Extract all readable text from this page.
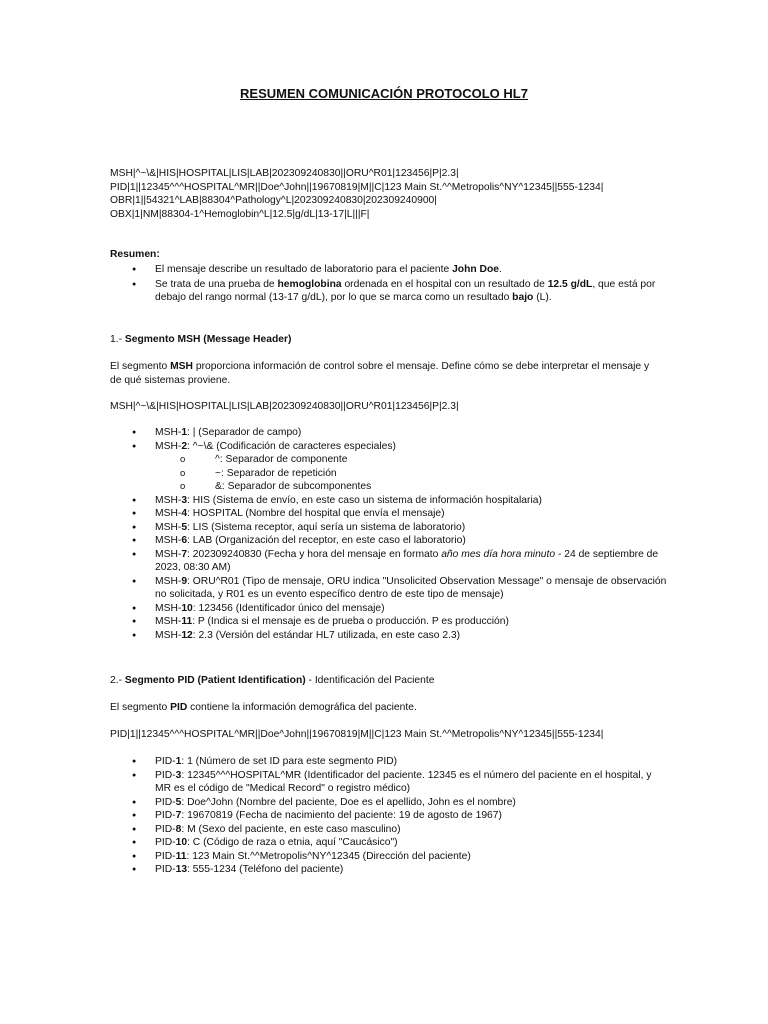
RESUMEN COMUNICACIÓN PROTOCOLO HL7
MSH|^~\&|HIS|HOSPITAL|LIS|LAB|202309240830||ORU^R01|123456|P|2.3|
PID|1||12345^^^HOSPITAL^MR||Doe^John||19670819|M||C|123 Main St.^^Metropolis^NY^12345||555-1234|
OBR|1||54321^LAB|88304^Pathology^L|202309240830|202309240900|
OBX|1|NM|88304-1^Hemoglobin^L|12.5|g/dL|13-17|L|||F|
Resumen:
●
El mensaje describe un resultado de laboratorio para el paciente John Doe.
●
Se trata de una prueba de hemoglobina ordenada en el hospital con un resultado de 12.5 g/dL, que está por debajo del rango normal (13-17 g/dL), por lo que se marca como un resultado bajo (L).
1.- Segmento MSH (Message Header)
El segmento MSH proporciona información de control sobre el mensaje. Define cómo se debe interpretar el mensaje y de qué sistemas proviene.
MSH|^~\&|HIS|HOSPITAL|LIS|LAB|202309240830||ORU^R01|123456|P|2.3|
●
MSH-1: | (Separador de campo)
●
MSH-2: ^~\& (Codificación de caracteres especiales)
o ^: Separador de componente
o ~: Separador de repetición
o &: Separador de subcomponentes
●
MSH-3: HIS (Sistema de envío, en este caso un sistema de información hospitalaria)
●
MSH-4: HOSPITAL (Nombre del hospital que envía el mensaje)
●
MSH-5: LIS (Sistema receptor, aquí sería un sistema de laboratorio)
●
MSH-6: LAB (Organización del receptor, en este caso el laboratorio)
●
MSH-7: 202309240830 (Fecha y hora del mensaje en formato año mes día hora minuto - 24 de septiembre de 2023, 08:30 AM)
●
MSH-9: ORU^R01 (Tipo de mensaje, ORU indica "Unsolicited Observation Message" o mensaje de observación no solicitada, y R01 es un evento específico dentro de este tipo de mensaje)
●
MSH-10: 123456 (Identificador único del mensaje)
●
MSH-11: P (Indica si el mensaje es de prueba o producción. P es producción)
●
MSH-12: 2.3 (Versión del estándar HL7 utilizada, en este caso 2.3)
2.- Segmento PID (Patient Identification) - Identificación del Paciente
El segmento PID contiene la información demográfica del paciente.
PID|1||12345^^^HOSPITAL^MR||Doe^John||19670819|M||C|123 Main St.^^Metropolis^NY^12345||555-1234|
●
PID-1: 1 (Número de set ID para este segmento PID)
●
PID-3: 12345^^^HOSPITAL^MR (Identificador del paciente. 12345 es el número del paciente en el hospital, y MR es el código de "Medical Record" o registro médico)
●
PID-5: Doe^John (Nombre del paciente, Doe es el apellido, John es el nombre)
●
PID-7: 19670819 (Fecha de nacimiento del paciente: 19 de agosto de 1967)
●
PID-8: M (Sexo del paciente, en este caso masculino)
●
PID-10: C (Código de raza o etnia, aquí "Caucásico")
●
PID-11: 123 Main St.^^Metropolis^NY^12345 (Dirección del paciente)
●
PID-13: 555-1234 (Teléfono del paciente)
